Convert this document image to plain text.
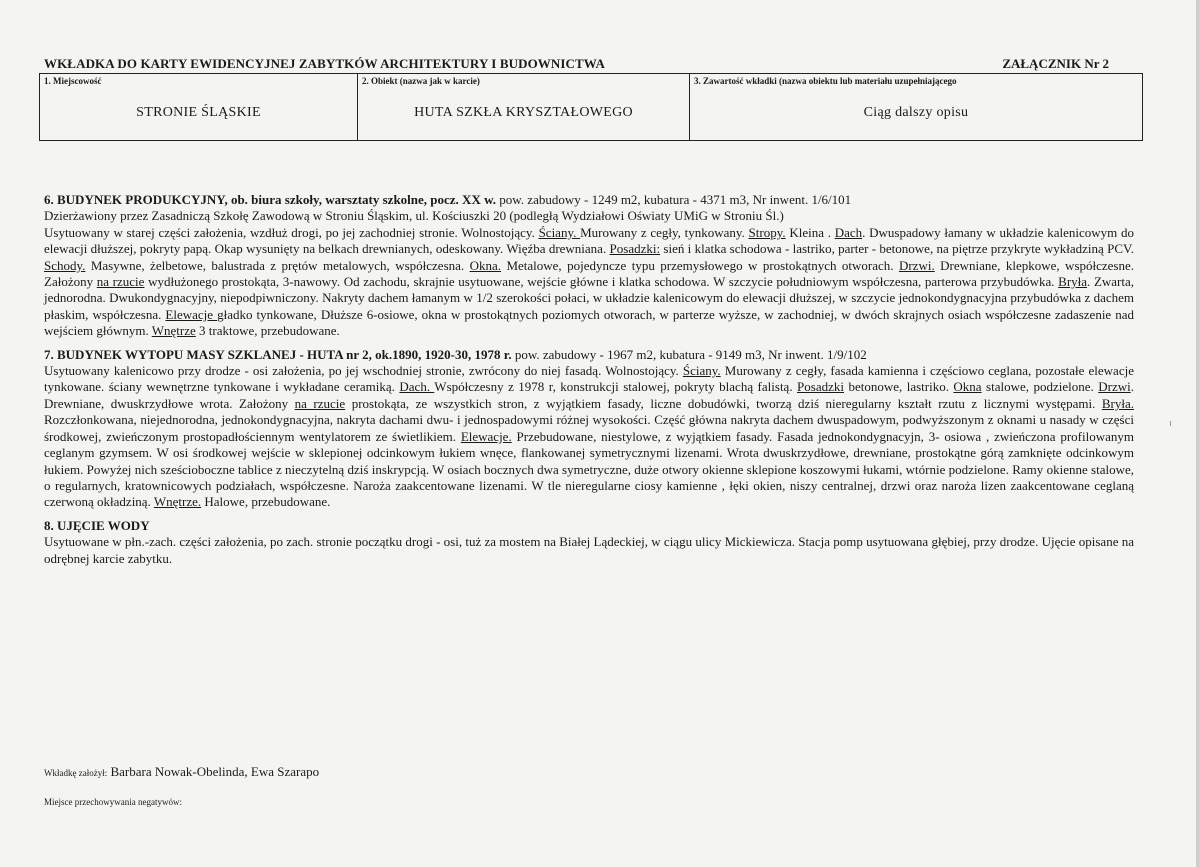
WKŁADKA DO KARTY EWIDENCYJNEJ ZABYTKÓW ARCHITEKTURY I BUDOWNICTWA	ZAŁĄCZNIK Nr 2
1. Miejscowość
STRONIE ŚLĄSKIE

2. Obiekt (nazwa jak w karcie)
HUTA SZKŁA KRYSZTAŁOWEGO

3. Zawartość wkładki (nazwa obiektu lub materiału uzupełniającego
Ciąg dalszy opisu

6. BUDYNEK PRODUKCYJNY, ob. biura szkoły, warsztaty szkolne, pocz. XX w. pow. zabudowy - 1249 m2, kubatura - 4371 m3, Nr inwent. 1/6/101

Dzierżawiony przez Zasadniczą Szkołę Zawodową w Stroniu Śląskim, ul. Kościuszki 20 (podległą Wydziałowi Oświaty UMiG w Stroniu Śl.)

Usytuowany w starej części założenia, wzdłuż drogi, po jej zachodniej stronie. Wolnostojący. Ściany. Murowany z cegły, tynkowany. Stropy. Kleina . Dach. Dwuspadowy łamany w układzie kalenicowym do elewacji dłuższej, pokryty papą. Okap wysunięty na belkach drewnianych, odeskowany. Więźba drewniana. Posadzki: sień i klatka schodowa - lastriko, parter - betonowe, na piętrze przykryte wykładziną PCV. Schody. Masywne, żelbetowe, balustrada z prętów metalowych, współczesna. Okna. Metalowe, pojedyncze typu przemysłowego w prostokątnych otworach. Drzwi. Drewniane, klepkowe, współczesne. Założony na rzucie wydłużonego prostokąta, 3-nawowy. Od zachodu, skrajnie usytuowane, wejście główne i klatka schodowa. W szczycie południowym współczesna, parterowa przybudówka. Bryła. Zwarta, jednorodna. Dwukondygnacyjny, niepodpiwniczony. Nakryty dachem łamanym w 1/2 szerokości połaci, w układzie kalenicowym do elewacji dłuższej, w szczycie jednokondygnacyjna przybudówka z dachem płaskim, współczesna. Elewacje gładko tynkowane, Dłuższe 6-osiowe, okna w prostokątnych poziomych otworach, w parterze wyższe, w zachodniej, w dwóch skrajnych osiach współczesne zadaszenie nad wejściem głównym. Wnętrze 3 traktowe, przebudowane.

7. BUDYNEK WYTOPU MASY SZKLANEJ - HUTA nr 2, ok.1890, 1920-30, 1978 r. pow. zabudowy - 1967 m2, kubatura - 9149 m3, Nr inwent. 1/9/102

Usytuowany kalenicowo przy drodze - osi założenia, po jej wschodniej stronie, zwrócony do niej fasadą. Wolnostojący. Ściany. Murowany z cegły, fasada kamienna i częściowo ceglana, pozostałe elewacje tynkowane. ściany wewnętrzne tynkowane i wykładane ceramiką. Dach. Współczesny z 1978 r, konstrukcji stalowej, pokryty blachą falistą. Posadzki betonowe, lastriko. Okna stalowe, podzielone. Drzwi. Drewniane, dwuskrzydłowe wrota. Założony na rzucie prostokąta, ze wszystkich stron, z wyjątkiem fasady, liczne dobudówki, tworzą dziś nieregularny kształt rzutu z licznymi występami. Bryła. Rozczłonkowana, niejednorodna, jednokondygnacyjna, nakryta dachami dwu- i jednospadowymi różnej wysokości. Część główna nakryta dachem dwuspadowym, podwyższonym z oknami u nasady w części środkowej, zwieńczonym prostopadłościennym wentylatorem ze świetlikiem. Elewacje. Przebudowane, niestylowe, z wyjątkiem fasady. Fasada jednokondygnacyjn, 3- osiowa , zwieńczona profilowanym ceglanym gzymsem. W osi środkowej wejście w sklepionej odcinkowym łukiem wnęce, flankowanej symetrycznymi lizenami. Wrota dwuskrzydłowe, drewniane, prostokątne górą zamknięte odcinkowym łukiem. Powyżej nich sześcioboczne tablice z nieczytelną dziś inskrypcją. W osiach bocznych dwa symetryczne, duże otwory okienne sklepione koszowymi łukami, wtórnie podzielone. Ramy okienne stalowe, o regularnych, kratownicowych podziałach, współczesne. Naroża zaakcentowane lizenami. W tle nieregularne ciosy kamienne , łęki okien, niszy centralnej, drzwi oraz naroża lizen zaakcentowane ceglaną czerwoną okładziną. Wnętrze. Halowe, przebudowane.

8. UJĘCIE WODY

Usytuowane w płn.-zach. części założenia, po zach. stronie początku drogi - osi, tuż za mostem na Białej Lądeckiej, w ciągu ulicy Mickiewicza. Stacja pomp usytuowana głębiej, przy drodze. Ujęcie opisane na odrębnej karcie zabytku.

Wkładkę założył: Barbara Nowak-Obelinda, Ewa Szarapo
Miejsce przechowywania negatywów:
